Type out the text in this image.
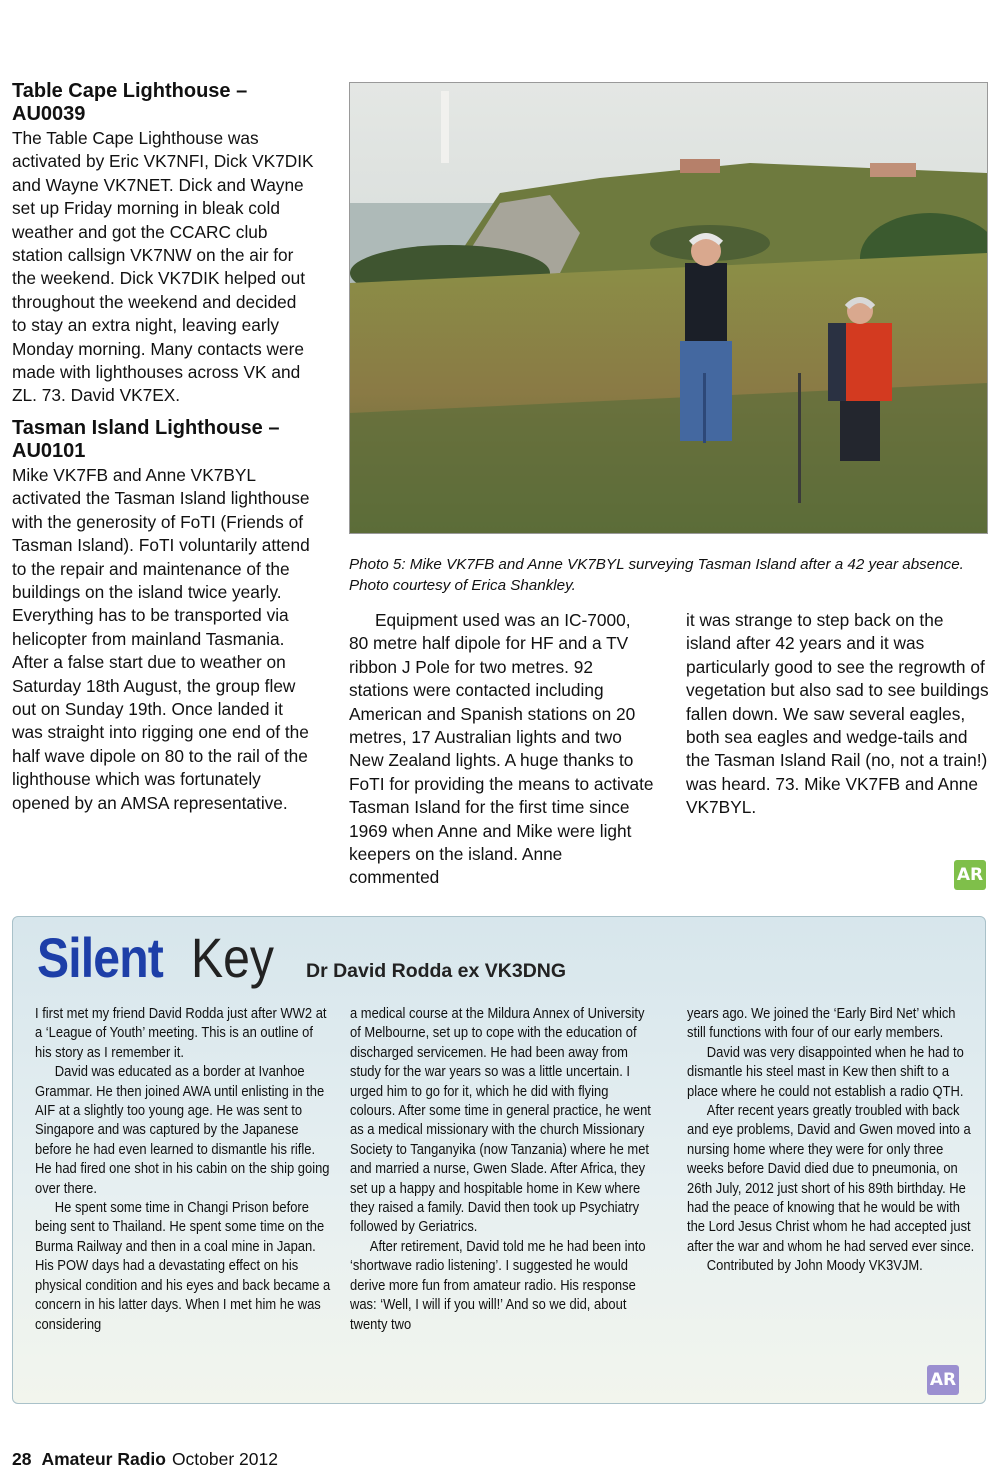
Table Cape Lighthouse – AU0039

The Table Cape Lighthouse was activated by Eric VK7NFI, Dick VK7DIK and Wayne VK7NET. Dick and Wayne set up Friday morning in bleak cold weather and got the CCARC club station callsign VK7NW on the air for the weekend. Dick VK7DIK helped out throughout the weekend and decided to stay an extra night, leaving early Monday morning. Many contacts were made with lighthouses across VK and ZL. 73. David VK7EX.

Tasman Island Lighthouse – AU0101

Mike VK7FB and Anne VK7BYL activated the Tasman Island lighthouse with the generosity of FoTI (Friends of Tasman Island). FoTI voluntarily attend to the repair and maintenance of the buildings on the island twice yearly. Everything has to be transported via helicopter from mainland Tasmania. After a false start due to weather on Saturday 18th August, the group flew out on Sunday 19th. Once landed it was straight into rigging one end of the half wave dipole on 80 to the rail of the lighthouse which was fortunately opened by an AMSA representative.

Photo 5: Mike VK7FB and Anne VK7BYL surveying Tasman Island after a 42 year absence. Photo courtesy of Erica Shankley.

Equipment used was an IC-7000, 80 metre half dipole for HF and a TV ribbon J Pole for two metres. 92 stations were contacted including American and Spanish stations on 20 metres, 17 Australian lights and two New Zealand lights. A huge thanks to FoTI for providing the means to activate Tasman Island for the first time since 1969 when Anne and Mike were light keepers on the island. Anne commented

it was strange to step back on the island after 42 years and it was particularly good to see the regrowth of vegetation but also sad to see buildings fallen down. We saw several eagles, both sea eagles and wedge-tails and the Tasman Island Rail (no, not a train!) was heard. 73. Mike VK7FB and Anne VK7BYL.

AR
Silent Key Dr David Rodda ex VK3DNG

I first met my friend David Rodda just after WW2 at a ‘League of Youth’ meeting. This is an outline of his story as I remember it.

David was educated as a border at Ivanhoe Grammar. He then joined AWA until enlisting in the AIF at a slightly too young age. He was sent to Singapore and was captured by the Japanese before he had even learned to dismantle his rifle. He had fired one shot in his cabin on the ship going over there.

He spent some time in Changi Prison before being sent to Thailand. He spent some time on the Burma Railway and then in a coal mine in Japan. His POW days had a devastating effect on his physical condition and his eyes and back became a concern in his latter days. When I met him he was considering

a medical course at the Mildura Annex of University of Melbourne, set up to cope with the education of discharged servicemen. He had been away from study for the war years so was a little uncertain. I urged him to go for it, which he did with flying colours. After some time in general practice, he went as a medical missionary with the church Missionary Society to Tanganyika (now Tanzania) where he met and married a nurse, Gwen Slade. After Africa, they set up a happy and hospitable home in Kew where they raised a family. David then took up Psychiatry followed by Geriatrics.

After retirement, David told me he had been into ‘shortwave radio listening’. I suggested he would derive more fun from amateur radio. His response was: ‘Well, I will if you will!’ And so we did, about twenty two

years ago. We joined the ‘Early Bird Net’ which still functions with four of our early members.

David was very disappointed when he had to dismantle his steel mast in Kew then shift to a place where he could not establish a radio QTH.

After recent years greatly troubled with back and eye problems, David and Gwen moved into a nursing home where they were for only three weeks before David died due to pneumonia, on 26th July, 2012 just short of his 89th birthday. He had the peace of knowing that he would be with the Lord Jesus Christ whom he had accepted just after the war and whom he had served ever since.

Contributed by John Moody VK3VJM.

AR
28 Amateur Radio October 2012
